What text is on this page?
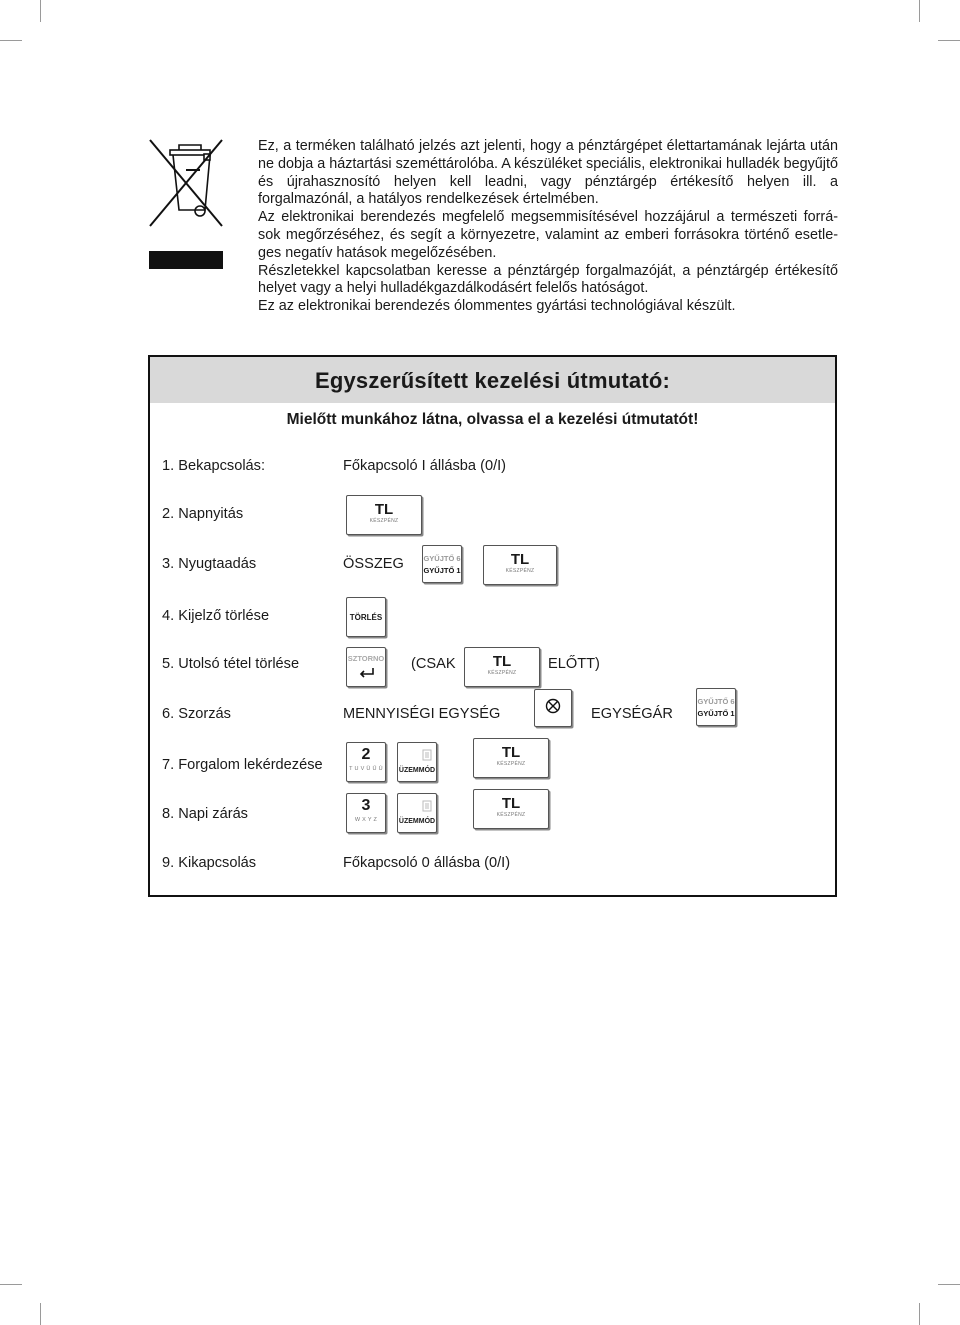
Ez, a terméken található jelzés azt jelenti, hogy a pénztárgépet élettartamának lejárta után ne dobja a háztartási szeméttárolóba. A készüléket speciális, elektronikai hulladék begyűjtő és újrahasznosító helyen kell leadni, vagy pénztárgép értékesítő helyen ill. a forgalmazónál, a hatályos rendelkezések értelmében.

Az elektronikai berendezés megfelelő megsemmisítésével hozzájárul a természeti forrá-sok megőrzéséhez, és segít a környezetre, valamint az emberi forrásokra történő esetle-ges negatív hatások megelőzésében.

Részletekkel kapcsolatban keresse a pénztárgép forgalmazóját, a pénztárgép értékesítő helyet vagy a helyi hulladékgazdálkodásért felelős hatóságot.

Ez az elektronikai berendezés ólommentes gyártási technológiával készült.

Egyszerűsített kezelési útmutató:
Mielőtt munkához látna, olvassa el a kezelési útmutatót!
1. Bekapcsolás:	Főkapcsoló I állásba (0/I)
2. Napnyitás	TL
KÉSZPÉNZ
3. Nyugtaadás	ÖSSZEG	GYŰJTŐ 6
GYŰJTŐ 1
TL
KÉSZPÉNZ
4. Kijelző törlése	TÖRLÉS
5. Utolsó tétel törlése	SZTORNO (CSAK	TL
KÉSZPÉNZ
ELŐTT)
6. Szorzás	MENNYISÉGI EGYSÉG	EGYSÉGÁR
GYŰJTŐ 6
GYŰJTŐ 1
7. Forgalom lekérdezése
2
T U V Ü Ű Ú	ÜZEMMÓD
TL
KÉSZPÉNZ
8. Napi zárás	3
W X Y Z	ÜZEMMÓD
TL
KÉSZPÉNZ
9. Kikapcsolás	Főkapcsoló 0 állásba (0/I)
